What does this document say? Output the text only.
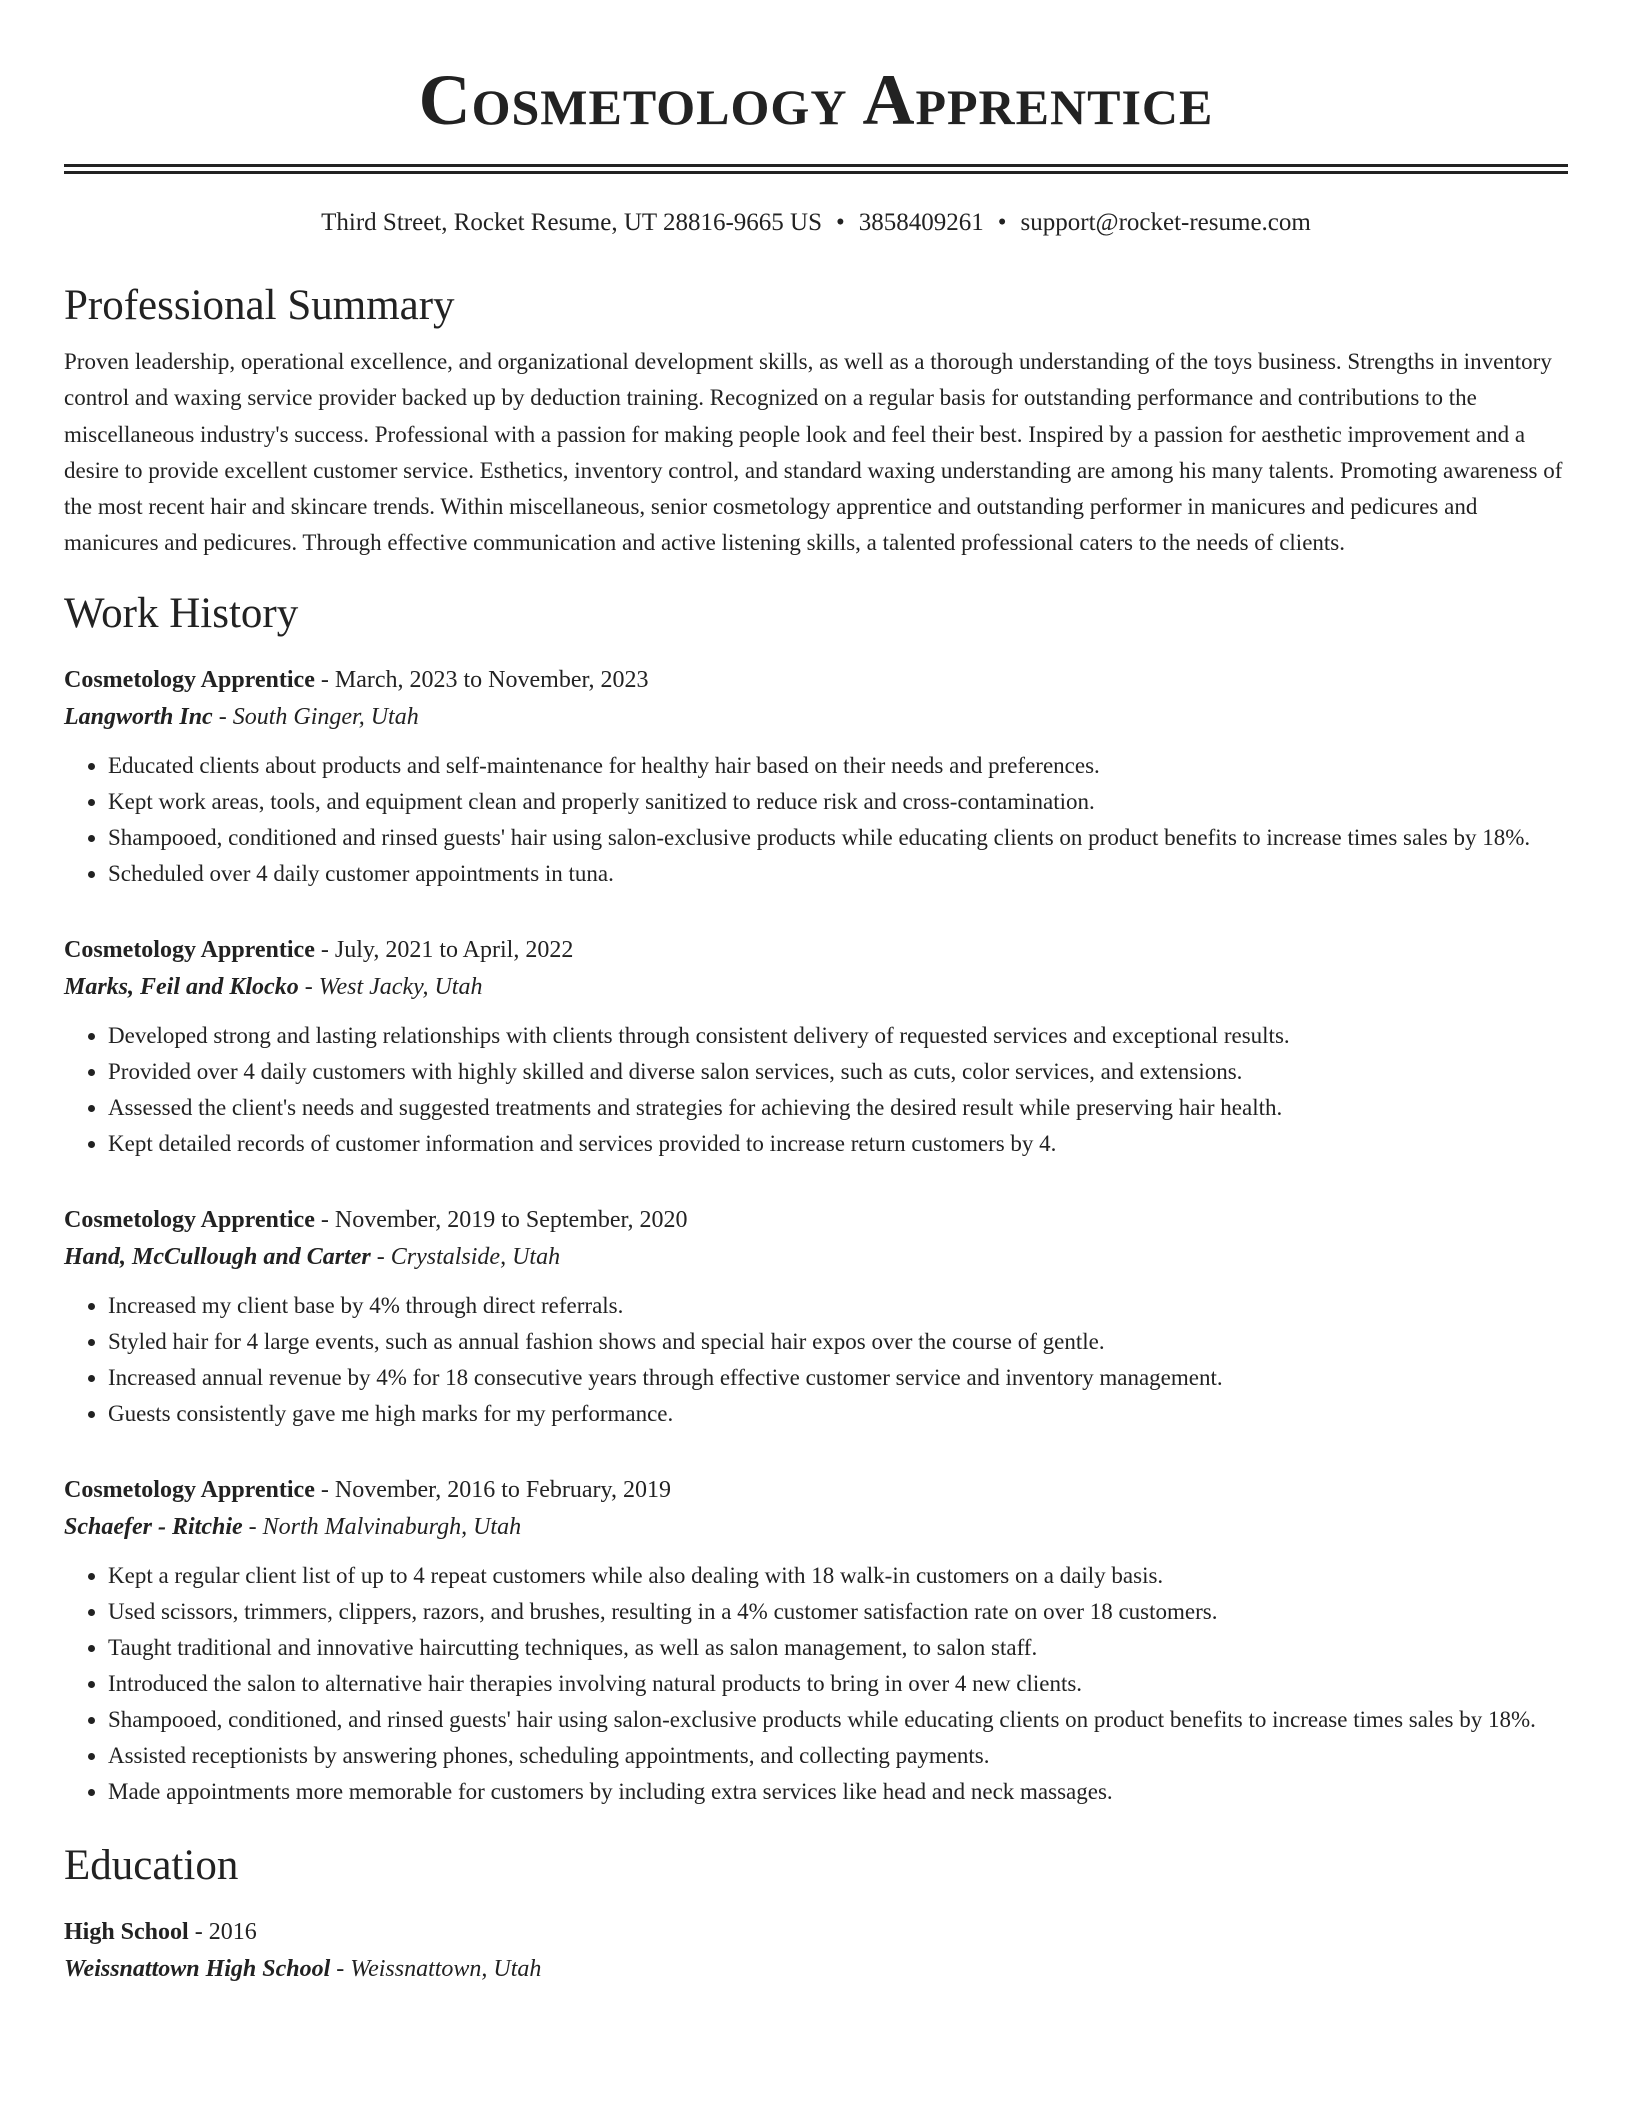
Cosmetology Apprentice
Third Street, Rocket Resume, UT 28816-9665 US • 3858409261 • support@rocket-resume.com
Professional Summary

Proven leadership, operational excellence, and organizational development skills, as well as a thorough understanding of the toys business. Strengths in inventory control and waxing service provider backed up by deduction training. Recognized on a regular basis for outstanding performance and contributions to the miscellaneous industry's success. Professional with a passion for making people look and feel their best. Inspired by a passion for aesthetic improvement and a desire to provide excellent customer service. Esthetics, inventory control, and standard waxing understanding are among his many talents. Promoting awareness of the most recent hair and skincare trends. Within miscellaneous, senior cosmetology apprentice and outstanding performer in manicures and pedicures and manicures and pedicures. Through effective communication and active listening skills, a talented professional caters to the needs of clients.

Work History
Cosmetology Apprentice - March, 2023 to November, 2023
Langworth Inc - South Ginger, Utah
• Educated clients about products and self-maintenance for healthy hair based on their needs and preferences.
• Kept work areas, tools, and equipment clean and properly sanitized to reduce risk and cross-contamination.
• Shampooed, conditioned and rinsed guests' hair using salon-exclusive products while educating clients on product benefits to increase times sales by 18%.
• Scheduled over 4 daily customer appointments in tuna.
Cosmetology Apprentice - July, 2021 to April, 2022
Marks, Feil and Klocko - West Jacky, Utah
• Developed strong and lasting relationships with clients through consistent delivery of requested services and exceptional results.
• Provided over 4 daily customers with highly skilled and diverse salon services, such as cuts, color services, and extensions.
• Assessed the client's needs and suggested treatments and strategies for achieving the desired result while preserving hair health.
• Kept detailed records of customer information and services provided to increase return customers by 4.
Cosmetology Apprentice - November, 2019 to September, 2020
Hand, McCullough and Carter - Crystalside, Utah
• Increased my client base by 4% through direct referrals.
• Styled hair for 4 large events, such as annual fashion shows and special hair expos over the course of gentle.
• Increased annual revenue by 4% for 18 consecutive years through effective customer service and inventory management.
• Guests consistently gave me high marks for my performance.
Cosmetology Apprentice - November, 2016 to February, 2019
Schaefer - Ritchie - North Malvinaburgh, Utah
• Kept a regular client list of up to 4 repeat customers while also dealing with 18 walk-in customers on a daily basis.
• Used scissors, trimmers, clippers, razors, and brushes, resulting in a 4% customer satisfaction rate on over 18 customers.
• Taught traditional and innovative haircutting techniques, as well as salon management, to salon staff.
• Introduced the salon to alternative hair therapies involving natural products to bring in over 4 new clients.
• Shampooed, conditioned, and rinsed guests' hair using salon-exclusive products while educating clients on product benefits to increase times sales by 18%.
• Assisted receptionists by answering phones, scheduling appointments, and collecting payments.
• Made appointments more memorable for customers by including extra services like head and neck massages.
Education
High School - 2016
Weissnattown High School - Weissnattown, Utah
